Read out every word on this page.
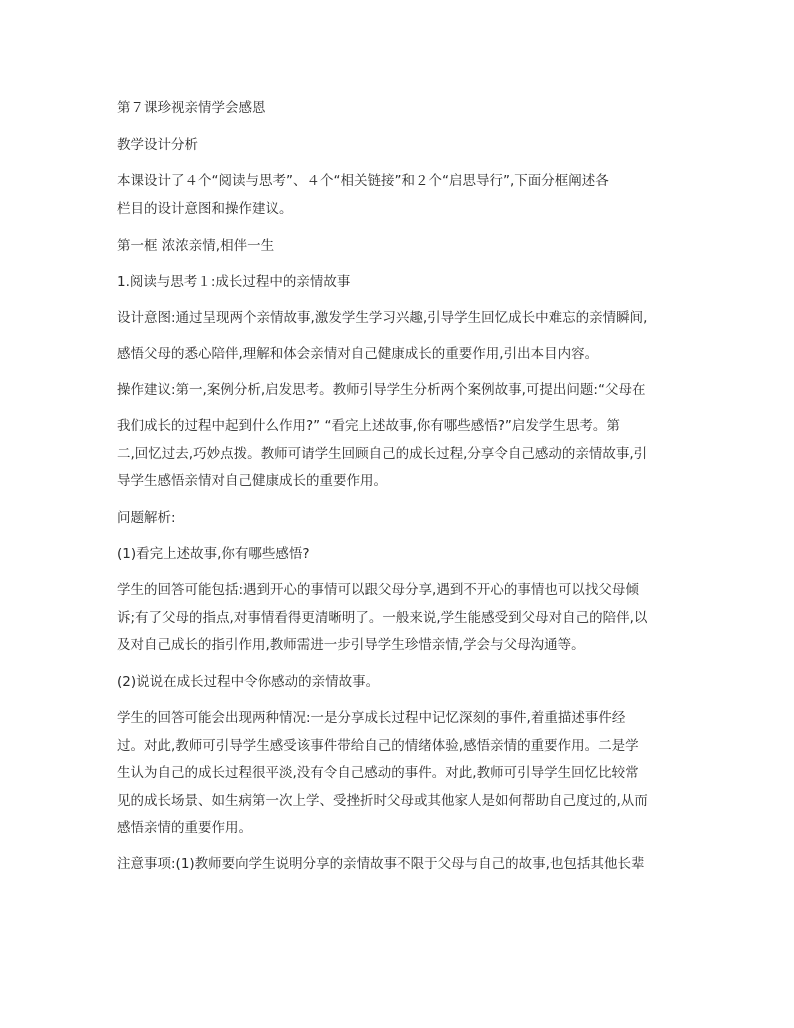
第７课珍视亲情学会感恩
教学设计分析
本课设计了４个“阅读与思考”、４个“相关链接”和２个“启思导行”,下面分框阐述各
栏目的设计意图和操作建议。
第一框 浓浓亲情,相伴一生
1.阅读与思考１:成长过程中的亲情故事
设计意图:通过呈现两个亲情故事,激发学生学习兴趣,引导学生回忆成长中难忘的亲情瞬间,
感悟父母的悉心陪伴,理解和体会亲情对自己健康成长的重要作用,引出本目内容。
操作建议:第一,案例分析,启发思考。教师引导学生分析两个案例故事,可提出问题:“父母在
我们成长的过程中起到什么作用?” “看完上述故事,你有哪些感悟?”启发学生思考。第
二,回忆过去,巧妙点拨。教师可请学生回顾自己的成长过程,分享令自己感动的亲情故事,引
导学生感悟亲情对自己健康成长的重要作用。
问题解析:
(1)看完上述故事,你有哪些感悟?
学生的回答可能包括:遇到开心的事情可以跟父母分享,遇到不开心的事情也可以找父母倾
诉;有了父母的指点,对事情看得更清晰明了。一般来说,学生能感受到父母对自己的陪伴,以
及对自己成长的指引作用,教师需进一步引导学生珍惜亲情,学会与父母沟通等。
(2)说说在成长过程中令你感动的亲情故事。
学生的回答可能会出现两种情况:一是分享成长过程中记忆深刻的事件,着重描述事件经
过。对此,教师可引导学生感受该事件带给自己的情绪体验,感悟亲情的重要作用。二是学
生认为自己的成长过程很平淡,没有令自己感动的事件。对此,教师可引导学生回忆比较常
见的成长场景、如生病第一次上学、受挫折时父母或其他家人是如何帮助自己度过的,从而
感悟亲情的重要作用。
注意事项:(1)教师要向学生说明分享的亲情故事不限于父母与自己的故事,也包括其他长辈
